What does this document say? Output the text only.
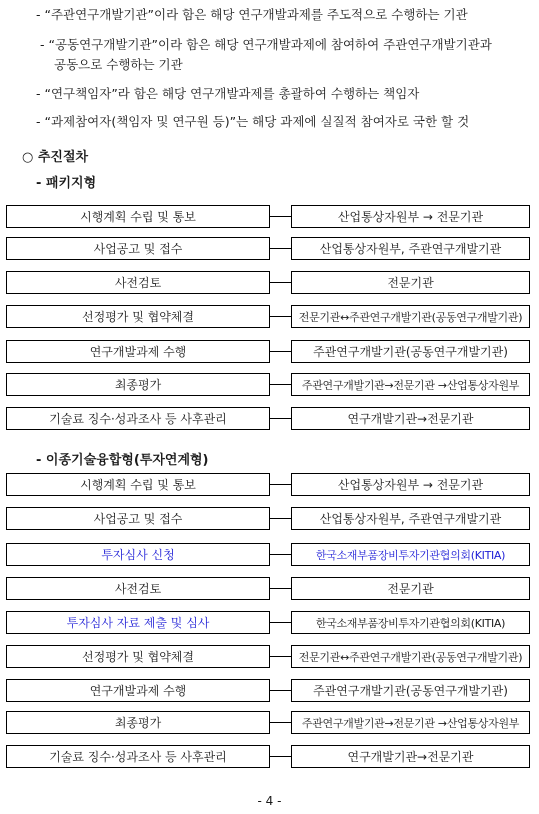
- “주관연구개발기관”이라 함은 해당 연구개발과제를 주도적으로 수행하는 기관
- “공동연구개발기관”이라 함은 해당 연구개발과제에 참여하여 주관연구개발기관과
공동으로 수행하는 기관
- “연구책임자”라 함은 해당 연구개발과제를 총괄하여 수행하는 책임자
- “과제참여자(책임자 및 연구원 등)”는 해당 과제에 실질적 참여자로 국한 할 것
○ 추진절차
- 패키지형
시행계획 수립 및 통보	산업통상자원부 → 전문기관
사업공고 및 접수	산업통상자원부, 주관연구개발기관
사전검토	전문기관
선정평가 및 협약체결	전문기관↔주관연구개발기관(공동연구개발기관)
연구개발과제 수행	주관연구개발기관(공동연구개발기관)
최종평가	주관연구개발기관→전문기관 →산업통상자원부
기술료 징수·성과조사 등 사후관리	연구개발기관→전문기관
- 이종기술융합형(투자연계형)
시행계획 수립 및 통보	산업통상자원부 → 전문기관
사업공고 및 접수	산업통상자원부, 주관연구개발기관
투자심사 신청	한국소재부품장비투자기관협의회(KITIA)
사전검토	전문기관
투자심사 자료 제출 및 심사	한국소재부품장비투자기관협의회(KITIA)
선정평가 및 협약체결	전문기관↔주관연구개발기관(공동연구개발기관)
연구개발과제 수행	주관연구개발기관(공동연구개발기관)
최종평가	주관연구개발기관→전문기관 →산업통상자원부
기술료 징수·성과조사 등 사후관리	연구개발기관→전문기관
- 4 -
